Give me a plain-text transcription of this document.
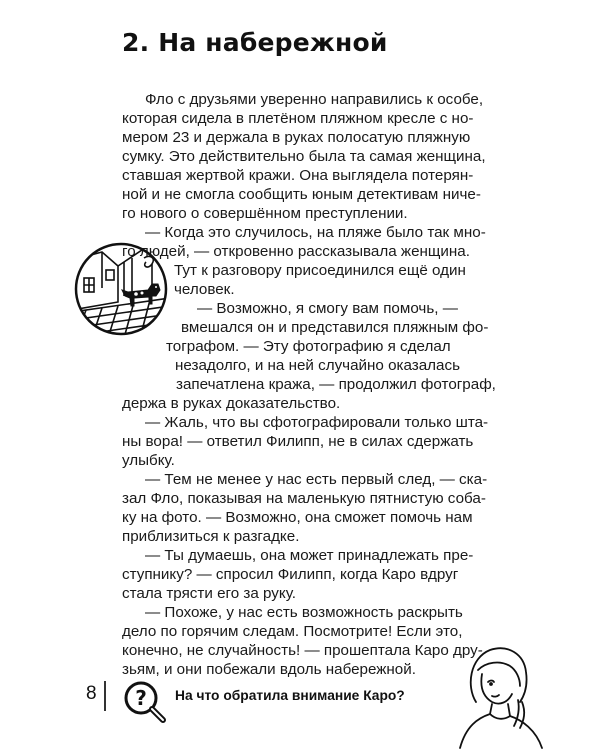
2. На набережной
Фло с друзьями уверенно направились к особе,
которая сидела в плетёном пляжном кресле с но-
мером 23 и держала в руках полосатую пляжную
сумку. Это действительно была та самая женщина,
ставшая жертвой кражи. Она выглядела потерян-
ной и не смогла сообщить юным детективам ниче-
го нового о совершённом преступлении.
— Когда это случилось, на пляже было так мно-
го людей, — откровенно рассказывала женщина.
Тут к разговору присоединился ещё один
человек.
— Возможно, я смогу вам помочь, —
вмешался он и представился пляжным фо-
тографом. — Эту фотографию я сделал
незадолго, и на ней случайно оказалась
запечатлена кража, — продолжил фотограф,
держа в руках доказательство.
— Жаль, что вы сфотографировали только шта-
ны вора! — ответил Филипп, не в силах сдержать
улыбку.
— Тем не менее у нас есть первый след, — ска-
зал Фло, показывая на маленькую пятнистую соба-
ку на фото. — Возможно, она сможет помочь нам
приблизиться к разгадке.
— Ты думаешь, она может принадлежать пре-
ступнику? — спросил Филипп, когда Каро вдруг
стала трясти его за руку.
— Похоже, у нас есть возможность раскрыть
дело по горячим следам. Посмотрите! Если это,
конечно, не случайность! — прошептала Каро дру-
зьям, и они побежали вдоль набережной.
8 ? На что обратила внимание Каро?
